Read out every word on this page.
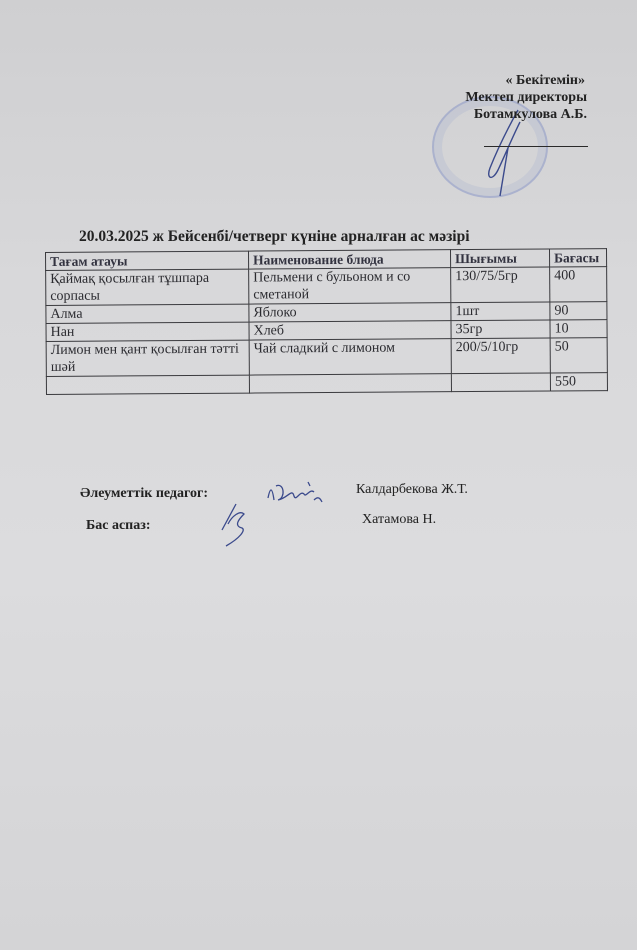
« Бекітемін»
Мектеп директоры
Ботамкулова А.Б.
20.03.2025 ж Бейсенбі/четверг күніне арналған ас мәзірі
Тағам атауы	Наименование блюда	Шығымы	Бағасы
Қаймақ қосылған тұшпара сорпасы	Пельмени с бульоном и со сметаной	130/75/5гр	400
Алма	Яблоко	1шт	90
Нан	Хлеб	35гр	10
Лимон мен қант қосылған тәтті шәй	Чай сладкий с лимоном	200/5/10гр	50
			550
Әлеуметтік педагог:	Калдарбекова Ж.Т.
Бас аспаз:	Хатамова Н.
